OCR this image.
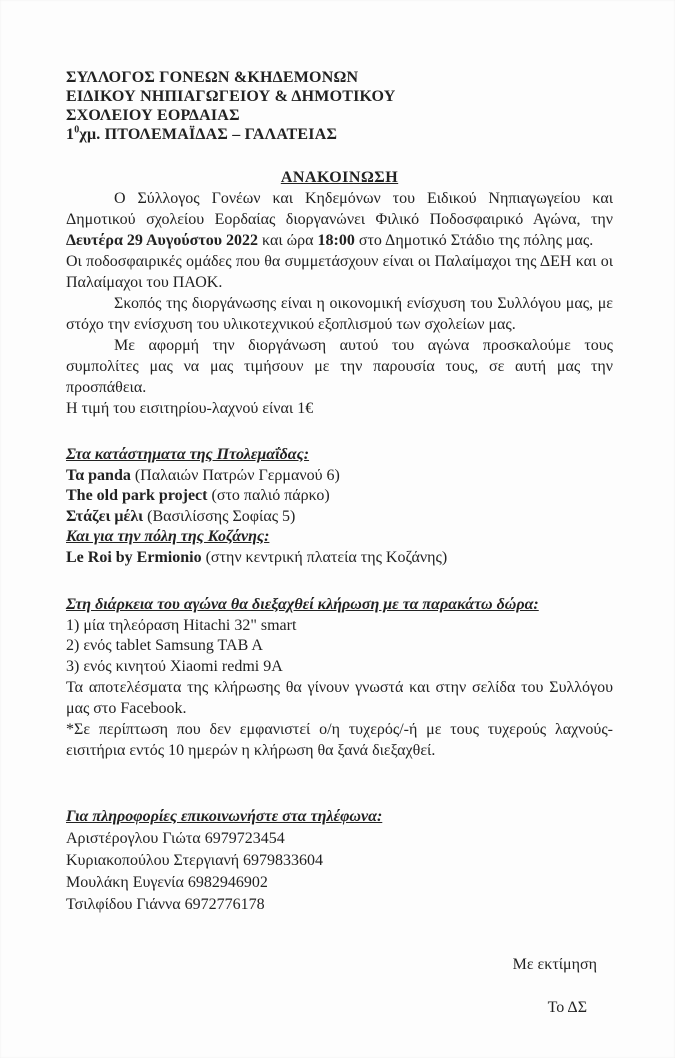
ΣΥΛΛΟΓΟΣ ΓΟΝΕΩΝ &ΚΗΔΕΜΟΝΩΝ
ΕΙΔΙΚΟΥ ΝΗΠΙΑΓΩΓΕΙΟΥ & ΔΗΜΟΤΙΚΟΥ
ΣΧΟΛΕΙΟΥ ΕΟΡΔΑΙΑΣ
$1^0\chi\mu$. ΠΤΟΛΕΜΑΪΔΑΣ – ΓΑΛΑΤΕΙΑΣ
ΑΝΑΚΟΙΝΩΣΗ

Ο Σύλλογος Γονέων και Κηδεμόνων του Ειδικού Νηπιαγωγείου και Δημοτικού σχολείου Εορδαίας διοργανώνει Φιλικό Ποδοσφαιρικό Αγώνα, την Δευτέρα 29 Αυγούστου 2022 και ώρα 18:00 στο Δημοτικό Στάδιο της πόλης μας.

Οι ποδοσφαιρικές ομάδες που θα συμμετάσχουν είναι οι Παλαίμαχοι της ΔΕΗ και οι Παλαίμαχοι του ΠΑΟΚ.

Σκοπός της διοργάνωσης είναι η οικονομική ενίσχυση του Συλλόγου μας, με στόχο την ενίσχυση του υλικοτεχνικού εξοπλισμού των σχολείων μας.

Με αφορμή την διοργάνωση αυτού του αγώνα προσκαλούμε τους συμπολίτες μας να μας τιμήσουν με την παρουσία τους, σε αυτή μας την προσπάθεια.

Η τιμή του εισιτηρίου-λαχνού είναι 1€

Στα κατάστηματα της Πτολεμαΐδας:
Τα panda (Παλαιών Πατρών Γερμανού 6)
The old park project (στο παλιό πάρκο)
Στάζει μέλι (Βασιλίσσης Σοφίας 5)
Και για την πόλη της Κοζάνης:
Le Roi by Ermionio (στην κεντρική πλατεία της Κοζάνης)
Στη διάρκεια του αγώνα θα διεξαχθεί κλήρωση με τα παρακάτω δώρα:
1) μία τηλεόραση Hitachi 32" smart
2) ενός tablet Samsung TAB A
3) ενός κινητού Xiaomi redmi 9A

Τα αποτελέσματα της κλήρωσης θα γίνουν γνωστά και στην σελίδα του Συλλόγου μας στο Facebook.

*Σε περίπτωση που δεν εμφανιστεί ο/η τυχερός/-ή με τους τυχερούς λαχνούς-εισιτήρια εντός 10 ημερών η κλήρωση θα ξανά διεξαχθεί.

Για πληροφορίες επικοινωνήστε στα τηλέφωνα:
Αριστέρογλου Γιώτα 6979723454
Κυριακοπούλου Στεργιανή 6979833604
Μουλάκη Ευγενία 6982946902
Τσιλφίδου Γιάννα 6972776178
Με εκτίμηση
Το ΔΣ
